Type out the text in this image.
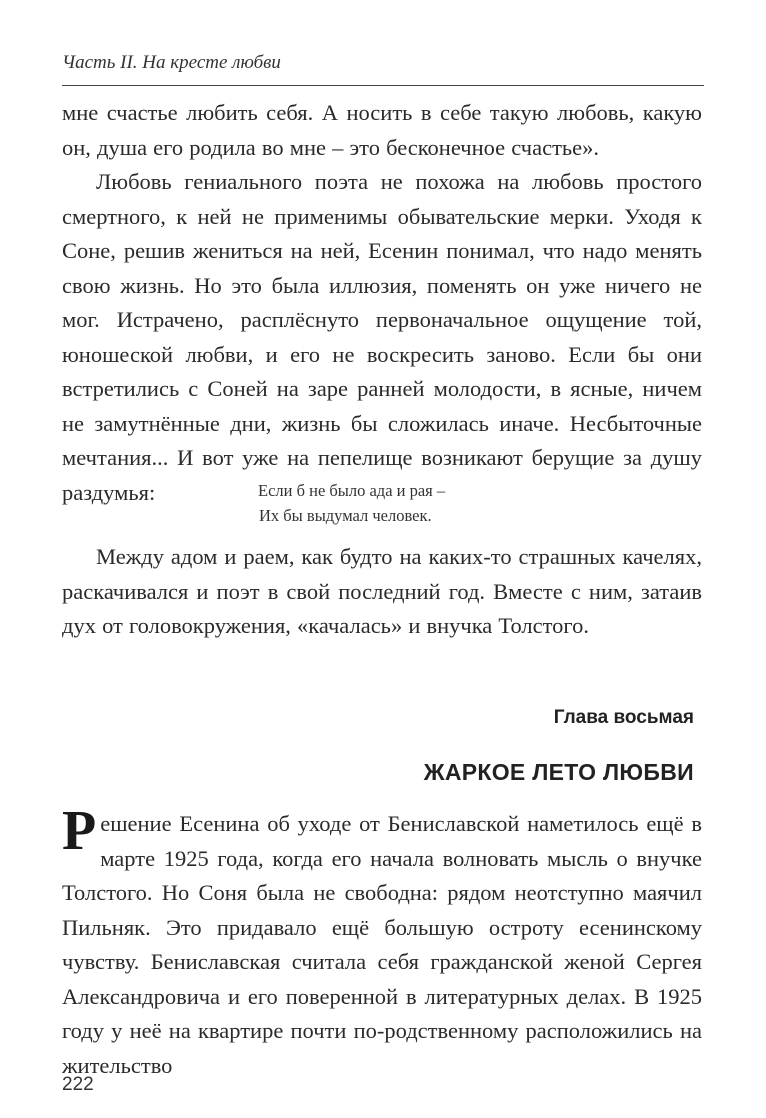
Часть II. На кресте любви

мне счастье любить себя. А носить в себе такую любовь, какую он, душа его родила во мне – это бесконечное счастье».

Любовь гениального поэта не похожа на любовь простого смертного, к ней не применимы обывательские мерки. Уходя к Соне, решив жениться на ней, Есенин понимал, что надо менять свою жизнь. Но это была иллюзия, поменять он уже ничего не мог. Истрачено, расплёснуто первоначальное ощущение той, юношеской любви, и его не воскресить заново. Если бы они встретились с Соней на заре ранней молодости, в ясные, ничем не замутнённые дни, жизнь бы сложилась иначе. Несбыточные мечтания... И вот уже на пепелище возникают берущие за душу раздумья:	Если б не было ада и рая –
Их бы выдумал человек.

Между адом и раем, как будто на каких-то страшных качелях, раскачивался и поэт в свой последний год. Вместе с ним, затаив дух от головокружения, «качалась» и внучка Толстого.

Глава восьмая
ЖАРКОЕ ЛЕТО ЛЮБВИ

Решение Есенина об уходе от Бениславской наметилось ещё в марте 1925 года, когда его начала волновать мысль о внучке Толстого. Но Соня была не свободна: рядом неотступно маячил Пильняк. Это придавало ещё большую остроту есенинскому чувству. Бениславская считала себя гражданской женой Сергея Александровича и его поверенной в литературных делах. В 1925 году у неё на квартире почти по-родственному расположились на жительство

222
